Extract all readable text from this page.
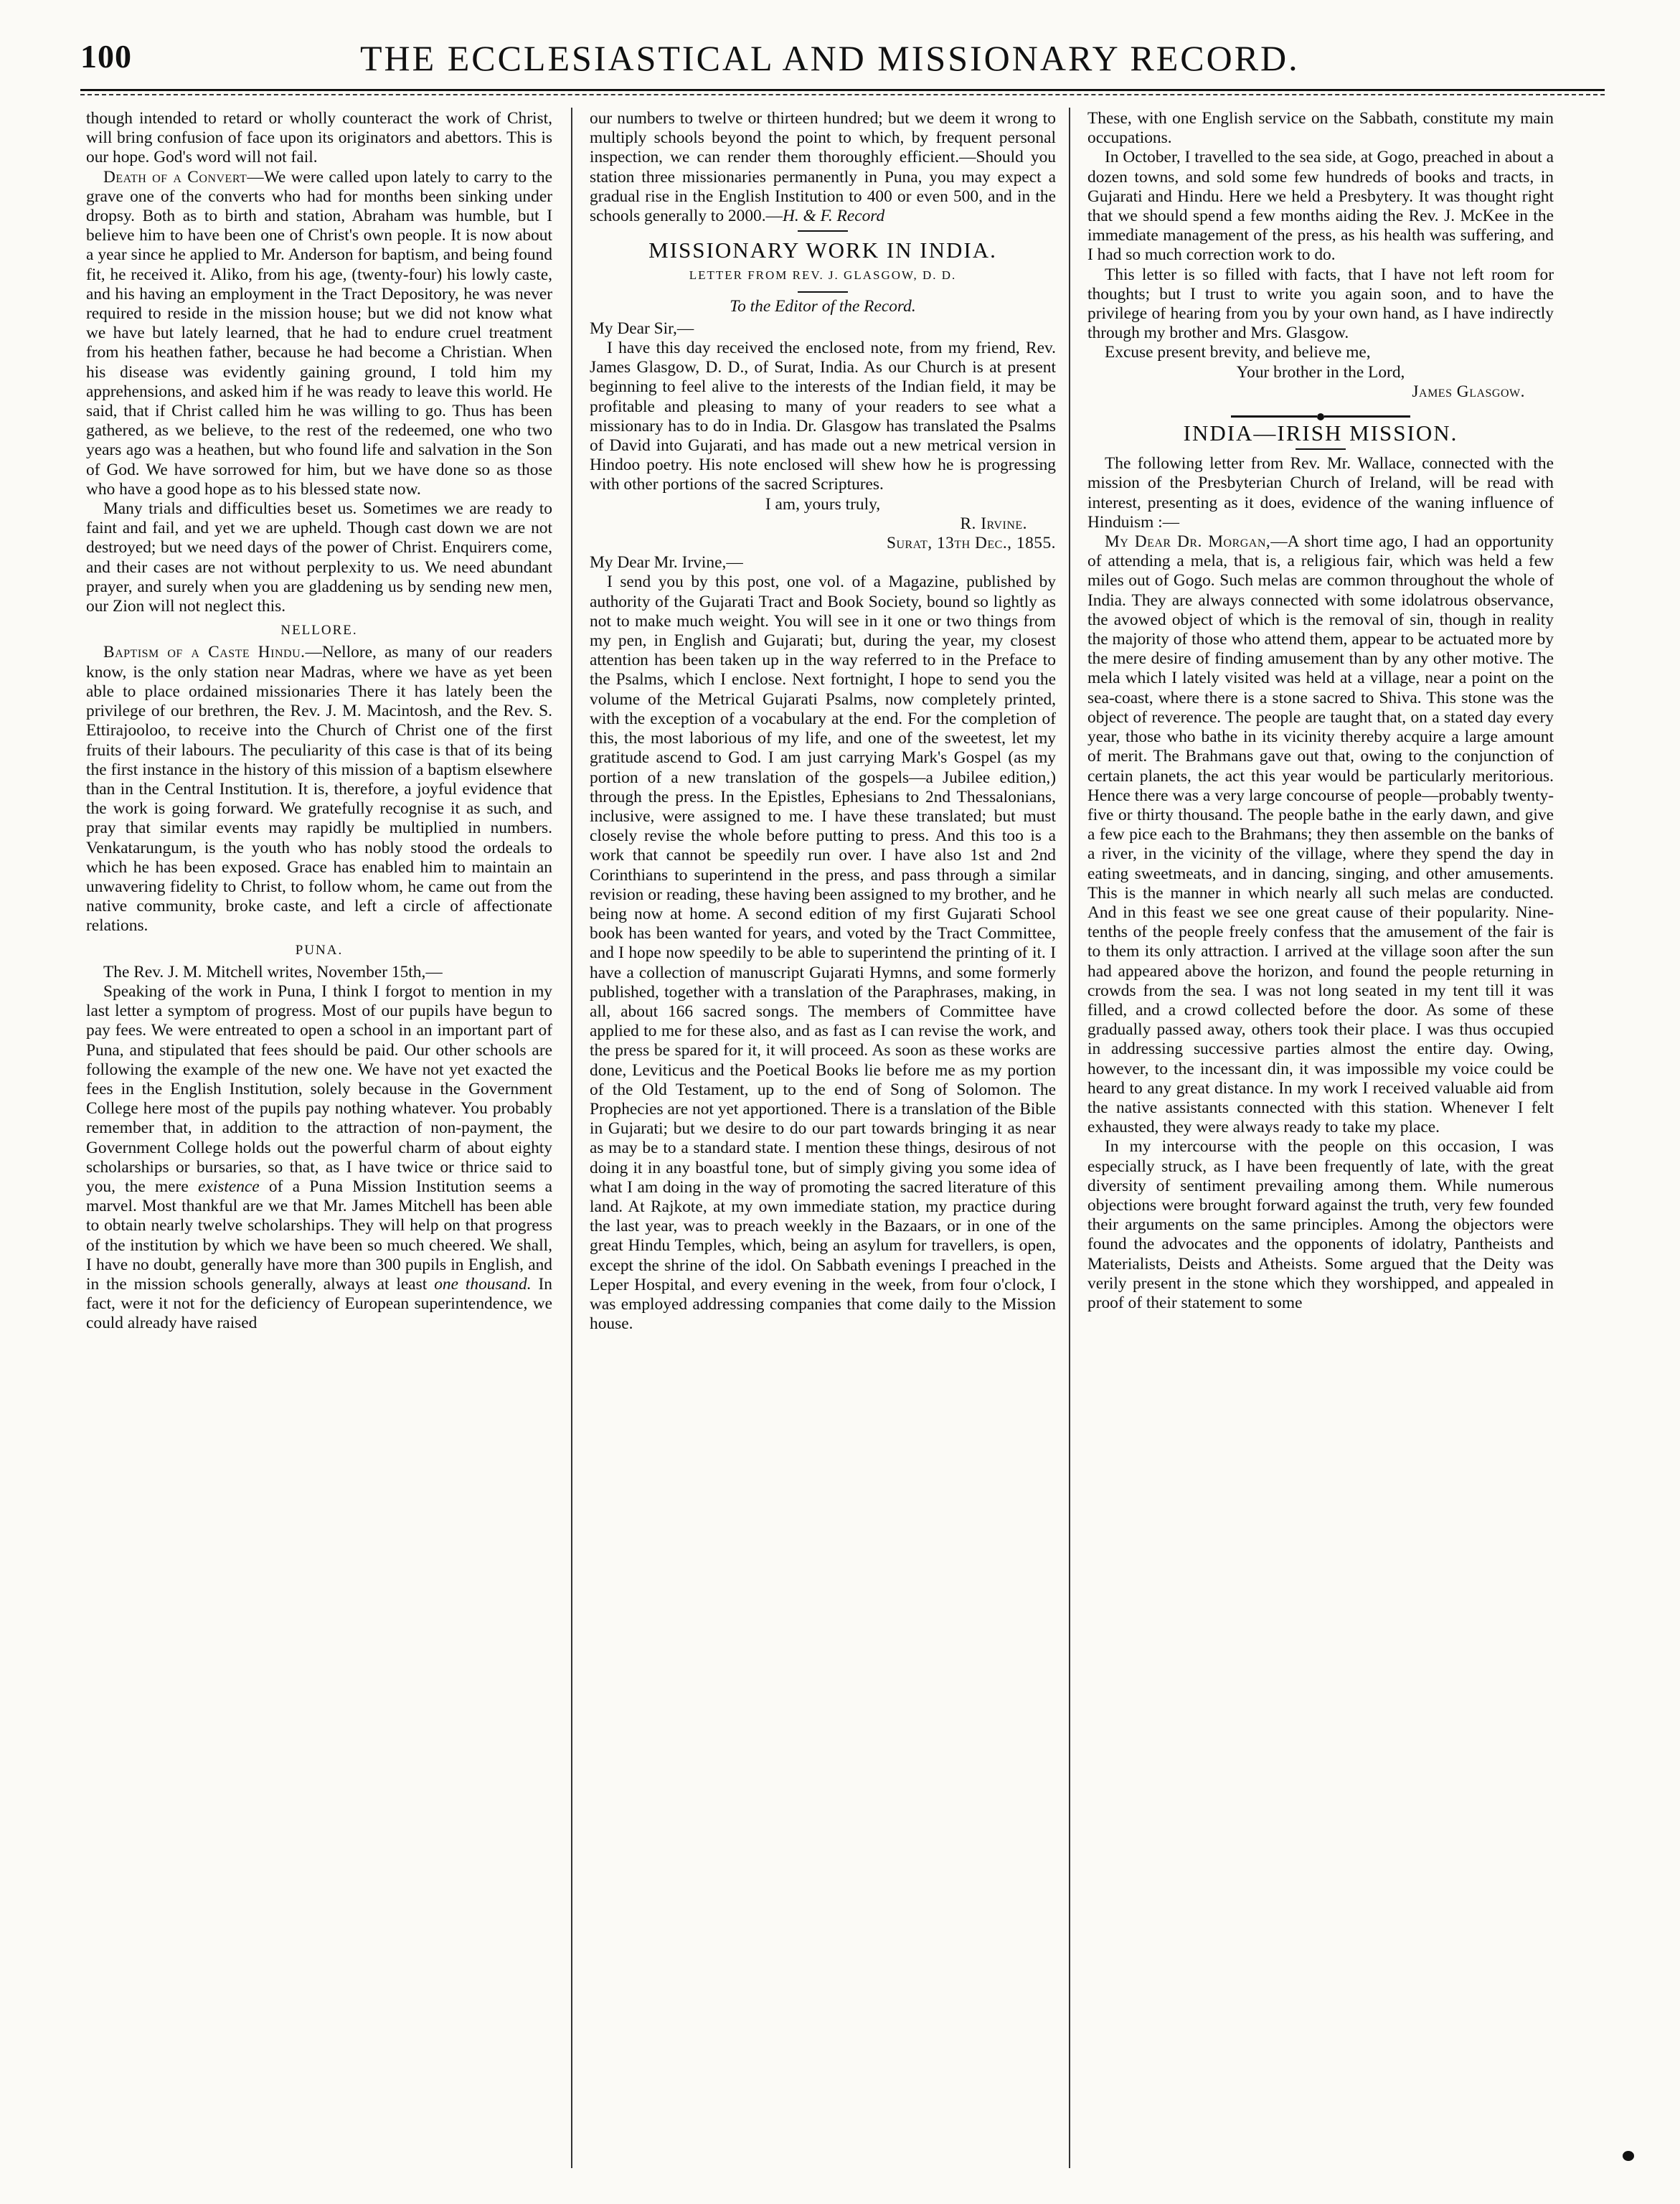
100	THE ECCLESIASTICAL AND MISSIONARY RECORD.

though intended to retard or wholly counteract the work of Christ, will bring confusion of face upon its originators and abettors. This is our hope. God's word will not fail.

Death of a Convert—We were called upon lately to carry to the grave one of the converts who had for months been sinking under dropsy. Both as to birth and station, Abraham was humble, but I believe him to have been one of Christ's own people. It is now about a year since he applied to Mr. Anderson for baptism, and being found fit, he received it. Aliko, from his age, (twenty-four) his lowly caste, and his having an employment in the Tract Depository, he was never required to reside in the mission house; but we did not know what we have but lately learned, that he had to endure cruel treatment from his heathen father, because he had become a Christian. When his disease was evidently gaining ground, I told him my apprehensions, and asked him if he was ready to leave this world. He said, that if Christ called him he was willing to go. Thus has been gathered, as we believe, to the rest of the redeemed, one who two years ago was a heathen, but who found life and salvation in the Son of God. We have sorrowed for him, but we have done so as those who have a good hope as to his blessed state now.

Many trials and difficulties beset us. Sometimes we are ready to faint and fail, and yet we are upheld. Though cast down we are not destroyed; but we need days of the power of Christ. Enquirers come, and their cases are not without perplexity to us. We need abundant prayer, and surely when you are gladdening us by sending new men, our Zion will not neglect this.

NELLORE.

Baptism of a Caste Hindu.—Nellore, as many of our readers know, is the only station near Madras, where we have as yet been able to place ordained missionaries There it has lately been the privilege of our brethren, the Rev. J. M. Macintosh, and the Rev. S. Ettirajooloo, to receive into the Church of Christ one of the first fruits of their labours. The peculiarity of this case is that of its being the first instance in the history of this mission of a baptism elsewhere than in the Central Institution. It is, therefore, a joyful evidence that the work is going forward. We gratefully recognise it as such, and pray that similar events may rapidly be multiplied in numbers. Venkatarungum, is the youth who has nobly stood the ordeals to which he has been exposed. Grace has enabled him to maintain an unwavering fidelity to Christ, to follow whom, he came out from the native community, broke caste, and left a circle of affectionate relations.

PUNA.

The Rev. J. M. Mitchell writes, November 15th,—

Speaking of the work in Puna, I think I forgot to mention in my last letter a symptom of progress. Most of our pupils have begun to pay fees. We were entreated to open a school in an important part of Puna, and stipulated that fees should be paid. Our other schools are following the example of the new one. We have not yet exacted the fees in the English Institution, solely because in the Government College here most of the pupils pay nothing whatever. You probably remember that, in addition to the attraction of non-payment, the Government College holds out the powerful charm of about eighty scholarships or bursaries, so that, as I have twice or thrice said to you, the mere existence of a Puna Mission Institution seems a marvel. Most thankful are we that Mr. James Mitchell has been able to obtain nearly twelve scholarships. They will help on that progress of the institution by which we have been so much cheered. We shall, I have no doubt, generally have more than 300 pupils in English, and in the mission schools generally, always at least one thousand. In fact, were it not for the deficiency of European superintendence, we could already have raised

our numbers to twelve or thirteen hundred; but we deem it wrong to multiply schools beyond the point to which, by frequent personal inspection, we can render them thoroughly efficient.—Should you station three missionaries permanently in Puna, you may expect a gradual rise in the English Institution to 400 or even 500, and in the schools generally to 2000.—H. & F. Record

MISSIONARY WORK IN INDIA.
LETTER FROM REV. J. GLASGOW, D. D.
To the Editor of the Record.

My Dear Sir,—

I have this day received the enclosed note, from my friend, Rev. James Glasgow, D. D., of Surat, India. As our Church is at present beginning to feel alive to the interests of the Indian field, it may be profitable and pleasing to many of your readers to see what a missionary has to do in India. Dr. Glasgow has translated the Psalms of David into Gujarati, and has made out a new metrical version in Hindoo poetry. His note enclosed will shew how he is progressing with other portions of the sacred Scriptures.

I am, yours truly,
R. Irvine.
Surat, 13th Dec., 1855.

My Dear Mr. Irvine,—

I send you by this post, one vol. of a Magazine, published by authority of the Gujarati Tract and Book Society, bound so lightly as not to make much weight. You will see in it one or two things from my pen, in English and Gujarati; but, during the year, my closest attention has been taken up in the way referred to in the Preface to the Psalms, which I enclose. Next fortnight, I hope to send you the volume of the Metrical Gujarati Psalms, now completely printed, with the exception of a vocabulary at the end. For the completion of this, the most laborious of my life, and one of the sweetest, let my gratitude ascend to God. I am just carrying Mark's Gospel (as my portion of a new translation of the gospels—a Jubilee edition,) through the press. In the Epistles, Ephesians to 2nd Thessalonians, inclusive, were assigned to me. I have these translated; but must closely revise the whole before putting to press. And this too is a work that cannot be speedily run over. I have also 1st and 2nd Corinthians to superintend in the press, and pass through a similar revision or reading, these having been assigned to my brother, and he being now at home. A second edition of my first Gujarati School book has been wanted for years, and voted by the Tract Committee, and I hope now speedily to be able to superintend the printing of it. I have a collection of manuscript Gujarati Hymns, and some formerly published, together with a translation of the Paraphrases, making, in all, about 166 sacred songs. The members of Committee have applied to me for these also, and as fast as I can revise the work, and the press be spared for it, it will proceed. As soon as these works are done, Leviticus and the Poetical Books lie before me as my portion of the Old Testament, up to the end of Song of Solomon. The Prophecies are not yet apportioned. There is a translation of the Bible in Gujarati; but we desire to do our part towards bringing it as near as may be to a standard state. I mention these things, desirous of not doing it in any boastful tone, but of simply giving you some idea of what I am doing in the way of promoting the sacred literature of this land. At Rajkote, at my own immediate station, my practice during the last year, was to preach weekly in the Bazaars, or in one of the great Hindu Temples, which, being an asylum for travellers, is open, except the shrine of the idol. On Sabbath evenings I preached in the Leper Hospital, and every evening in the week, from four o'clock, I was employed addressing companies that come daily to the Mission house.

These, with one English service on the Sabbath, constitute my main occupations.

In October, I travelled to the sea side, at Gogo, preached in about a dozen towns, and sold some few hundreds of books and tracts, in Gujarati and Hindu. Here we held a Presbytery. It was thought right that we should spend a few months aiding the Rev. J. McKee in the immediate management of the press, as his health was suffering, and I had so much correction work to do.

This letter is so filled with facts, that I have not left room for thoughts; but I trust to write you again soon, and to have the privilege of hearing from you by your own hand, as I have indirectly through my brother and Mrs. Glasgow.

Excuse present brevity, and believe me,

Your brother in the Lord,
James Glasgow.
INDIA—IRISH MISSION.

The following letter from Rev. Mr. Wallace, connected with the mission of the Presbyterian Church of Ireland, will be read with interest, presenting as it does, evidence of the waning influence of Hinduism :—

My Dear Dr. Morgan,—A short time ago, I had an opportunity of attending a mela, that is, a religious fair, which was held a few miles out of Gogo. Such melas are common throughout the whole of India. They are always connected with some idolatrous observance, the avowed object of which is the removal of sin, though in reality the majority of those who attend them, appear to be actuated more by the mere desire of finding amusement than by any other motive. The mela which I lately visited was held at a village, near a point on the sea-coast, where there is a stone sacred to Shiva. This stone was the object of reverence. The people are taught that, on a stated day every year, those who bathe in its vicinity thereby acquire a large amount of merit. The Brahmans gave out that, owing to the conjunction of certain planets, the act this year would be particularly meritorious. Hence there was a very large concourse of people—probably twenty-five or thirty thousand. The people bathe in the early dawn, and give a few pice each to the Brahmans; they then assemble on the banks of a river, in the vicinity of the village, where they spend the day in eating sweetmeats, and in dancing, singing, and other amusements. This is the manner in which nearly all such melas are conducted. And in this feast we see one great cause of their popularity. Nine-tenths of the people freely confess that the amusement of the fair is to them its only attraction. I arrived at the village soon after the sun had appeared above the horizon, and found the people returning in crowds from the sea. I was not long seated in my tent till it was filled, and a crowd collected before the door. As some of these gradually passed away, others took their place. I was thus occupied in addressing successive parties almost the entire day. Owing, however, to the incessant din, it was impossible my voice could be heard to any great distance. In my work I received valuable aid from the native assistants connected with this station. Whenever I felt exhausted, they were always ready to take my place.

In my intercourse with the people on this occasion, I was especially struck, as I have been frequently of late, with the great diversity of sentiment prevailing among them. While numerous objections were brought forward against the truth, very few founded their arguments on the same principles. Among the objectors were found the advocates and the opponents of idolatry, Pantheists and Materialists, Deists and Atheists. Some argued that the Deity was verily present in the stone which they worshipped, and appealed in proof of their statement to some
